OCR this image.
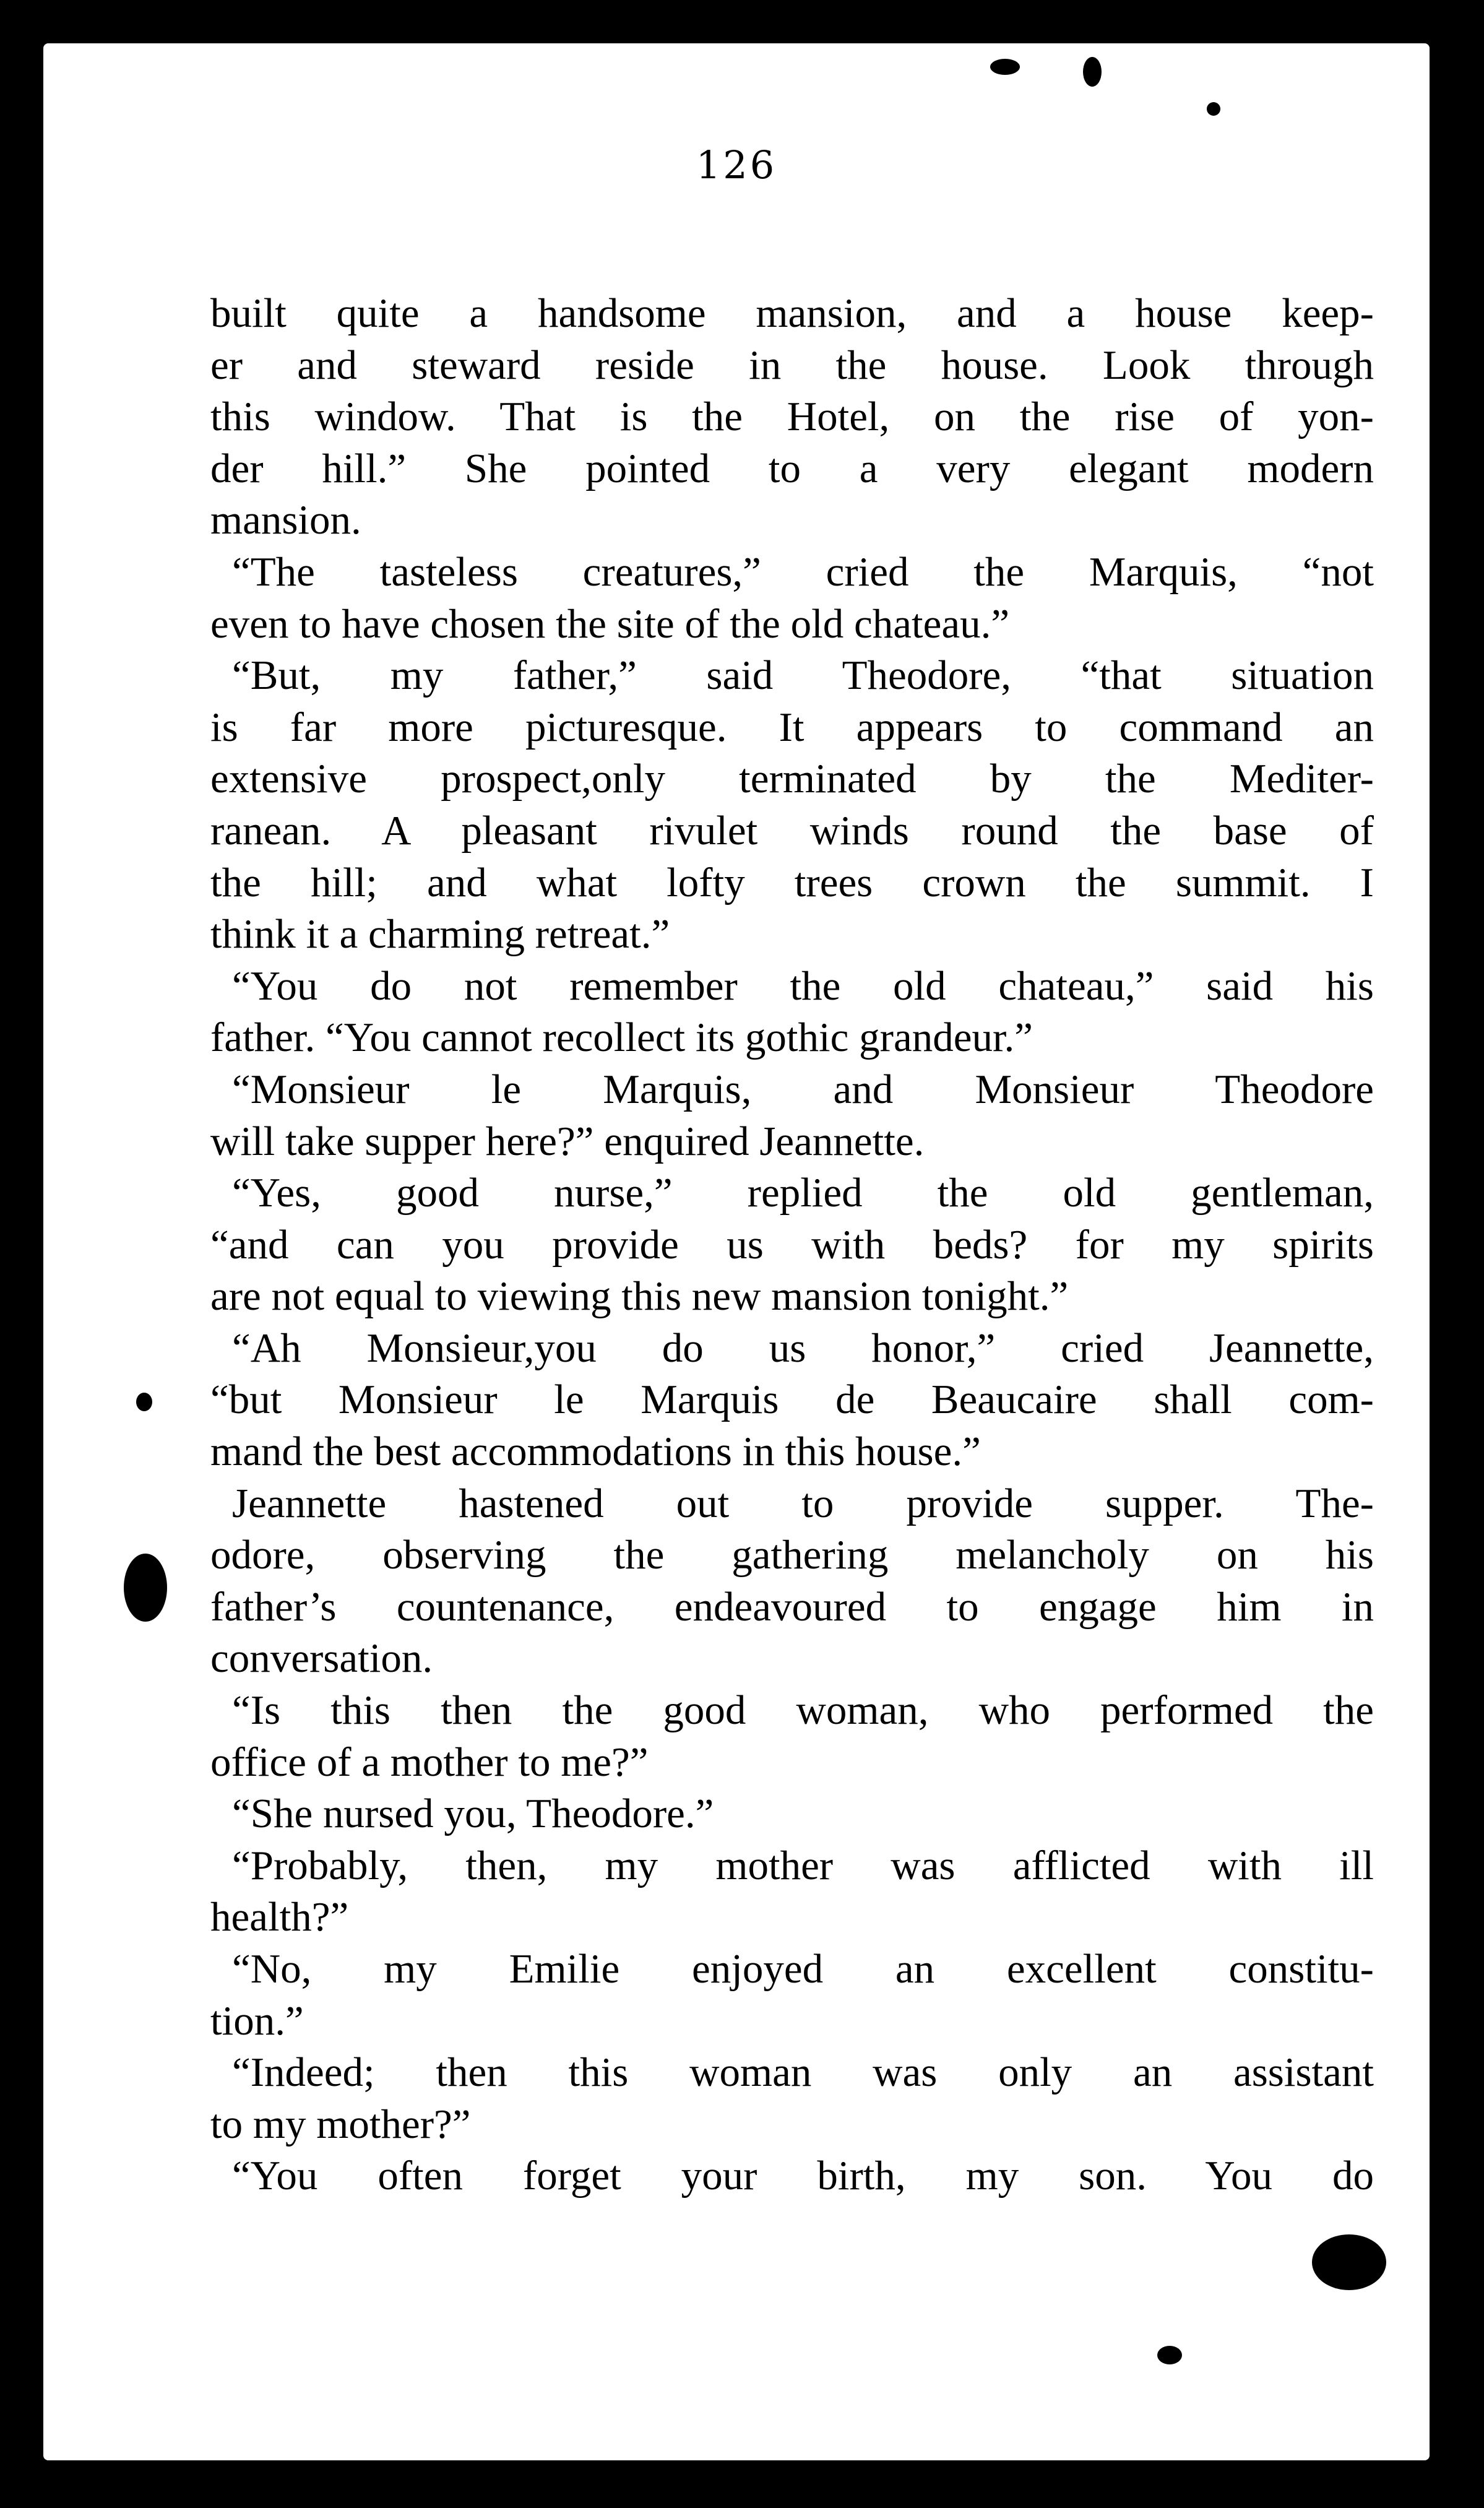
126
built quite a handsome mansion, and a house keep-
er and steward reside in the house. Look through
this window. That is the Hotel, on the rise of yon-
der hill.” She pointed to a very elegant modern
mansion.
“The tasteless creatures,” cried the Marquis, “not
even to have chosen the site of the old chateau.”
“But, my father,” said Theodore, “that situation
is far more picturesque. It appears to command an
extensive prospect,only terminated by the Mediter-
ranean. A pleasant rivulet winds round the base of
the hill; and what lofty trees crown the summit. I
think it a charming retreat.”
“You do not remember the old chateau,” said his
father. “You cannot recollect its gothic grandeur.”
“Monsieur le Marquis, and Monsieur Theodore
will take supper here?” enquired Jeannette.
“Yes, good nurse,” replied the old gentleman,
“and can you provide us with beds? for my spirits
are not equal to viewing this new mansion tonight.”
“Ah Monsieur,you do us honor,” cried Jeannette,
“but Monsieur le Marquis de Beaucaire shall com-
mand the best accommodations in this house.”
Jeannette hastened out to provide supper. The-
odore, observing the gathering melancholy on his
father’s countenance, endeavoured to engage him in
conversation.
“Is this then the good woman, who performed the
office of a mother to me?”
“She nursed you, Theodore.”
“Probably, then, my mother was afflicted with ill
health?”
“No, my Emilie enjoyed an excellent constitu-
tion.”
“Indeed; then this woman was only an assistant
to my mother?”
“You often forget your birth, my son. You do
